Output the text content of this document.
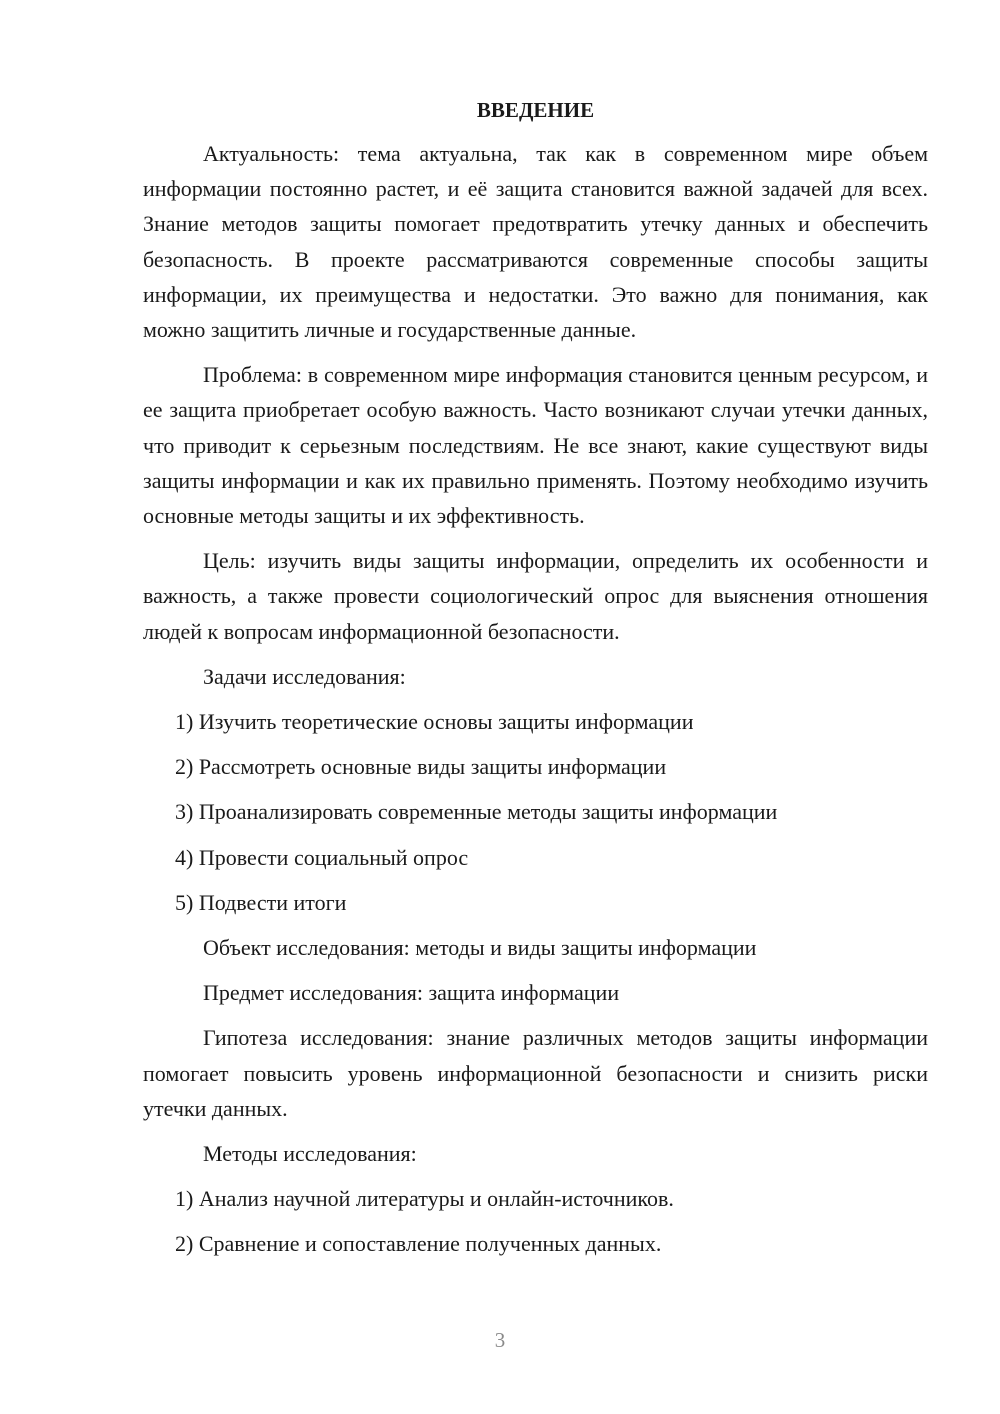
ВВЕДЕНИЕ

Актуальность: тема актуальна, так как в современном мире объем информации постоянно растет, и её защита становится важной задачей для всех. Знание методов защиты помогает предотвратить утечку данных и обеспечить безопасность. В проекте рассматриваются современные способы защиты информации, их преимущества и недостатки. Это важно для понимания, как можно защитить личные и государственные данные.

Проблема: в современном мире информация становится ценным ресурсом, и ее защита приобретает особую важность. Часто возникают случаи утечки данных, что приводит к серьезным последствиям. Не все знают, какие существуют виды защиты информации и как их правильно применять. Поэтому необходимо изучить основные методы защиты и их эффективность.

Цель: изучить виды защиты информации, определить их особенности и важность, а также провести социологический опрос для выяснения отношения людей к вопросам информационной безопасности.

Задачи исследования:
1) Изучить теоретические основы защиты информации
2) Рассмотреть основные виды защиты информации
3) Проанализировать современные методы защиты информации
4) Провести социальный опрос
5) Подвести итоги
Объект исследования: методы и виды защиты информации
Предмет исследования: защита информации

Гипотеза исследования: знание различных методов защиты информации помогает повысить уровень информационной безопасности и снизить риски утечки данных.

Методы исследования:
1) Анализ научной литературы и онлайн-источников.
2) Сравнение и сопоставление полученных данных.
3
